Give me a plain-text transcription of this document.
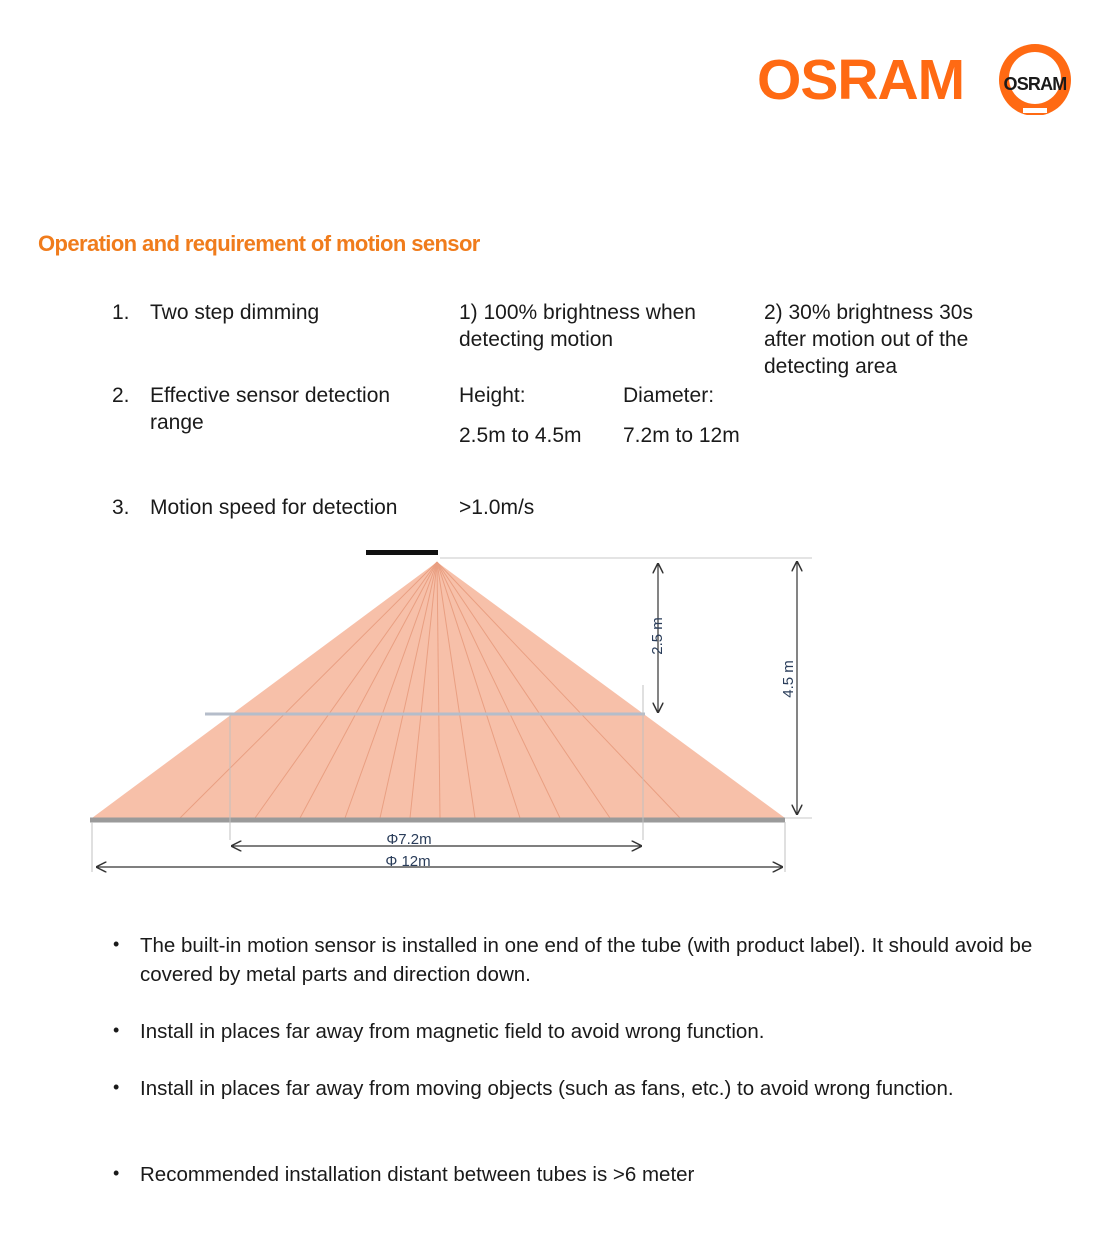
OSRAM OSRAM
Operation and requirement of motion sensor
1. Two step dimming	1) 100% brightness when detecting motion
2) 30% brightness 30s after motion out of the detecting area
2. Effective sensor detection range
Height:
2.5m to 4.5m
Diameter:
7.2m to 12m
3. Motion speed for detection	>1.0m/s
2.5 m
4.5 m
Φ7.2m
Φ 12m
• The built-in motion sensor is installed in one end of the tube (with product label). It should avoid be covered by metal parts and direction down.
• Install in places far away from magnetic field to avoid wrong function.
• Install in places far away from moving objects (such as fans, etc.) to avoid wrong function.
• Recommended installation distant between tubes is >6 meter
